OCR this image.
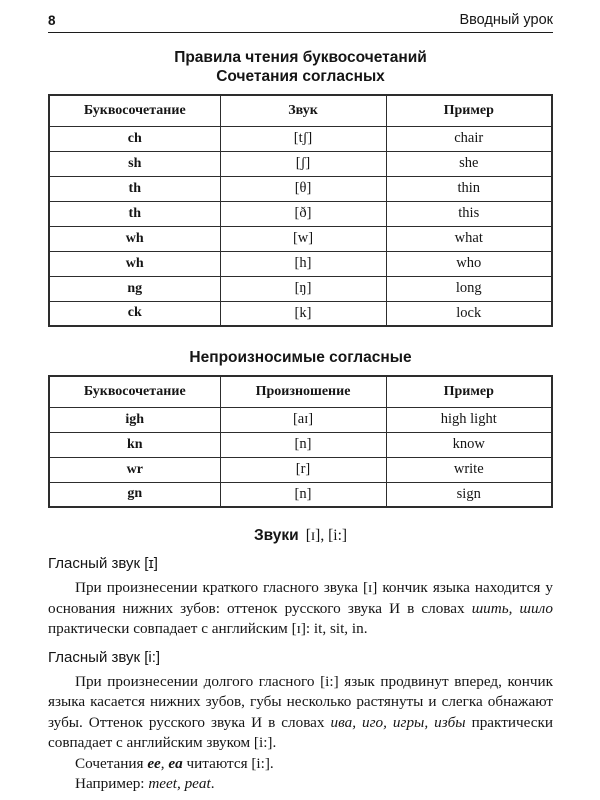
8	Вводный урок
Правила чтения буквосочетаний
Сочетания согласных
Буквосочетание	Звук	Пример
ch	[tʃ]	chair
sh	[ʃ]	she
th	[θ]	thin
th	[ð]	this
wh	[w]	what
wh	[h]	who
ng	[ŋ]	long
ck	[k]	lock
Непроизносимые согласные
Буквосочетание	Произношение	Пример
igh	[aɪ]	high light
kn	[n]	know
wr	[r]	write
gn	[n]	sign
Звуки [ɪ], [i:]
Гласный звук [ɪ]

При произнесении краткого гласного звука [ɪ] кончик языка находится у основания нижних зубов: оттенок русского звука И в словах шить, шило практически совпадает с английским [ɪ]: it, sit, in.

Гласный звук [i:]

При произнесении долгого гласного [i:] язык продвинут вперед, кончик языка касается нижних зубов, губы несколько растянуты и слегка обнажают зубы. Оттенок русского звука И в словах ива, иго, игры, избы практически совпадает с английским звуком [i:].

Сочетания ee, ea читаются [i:].

Например: meet, peat.
